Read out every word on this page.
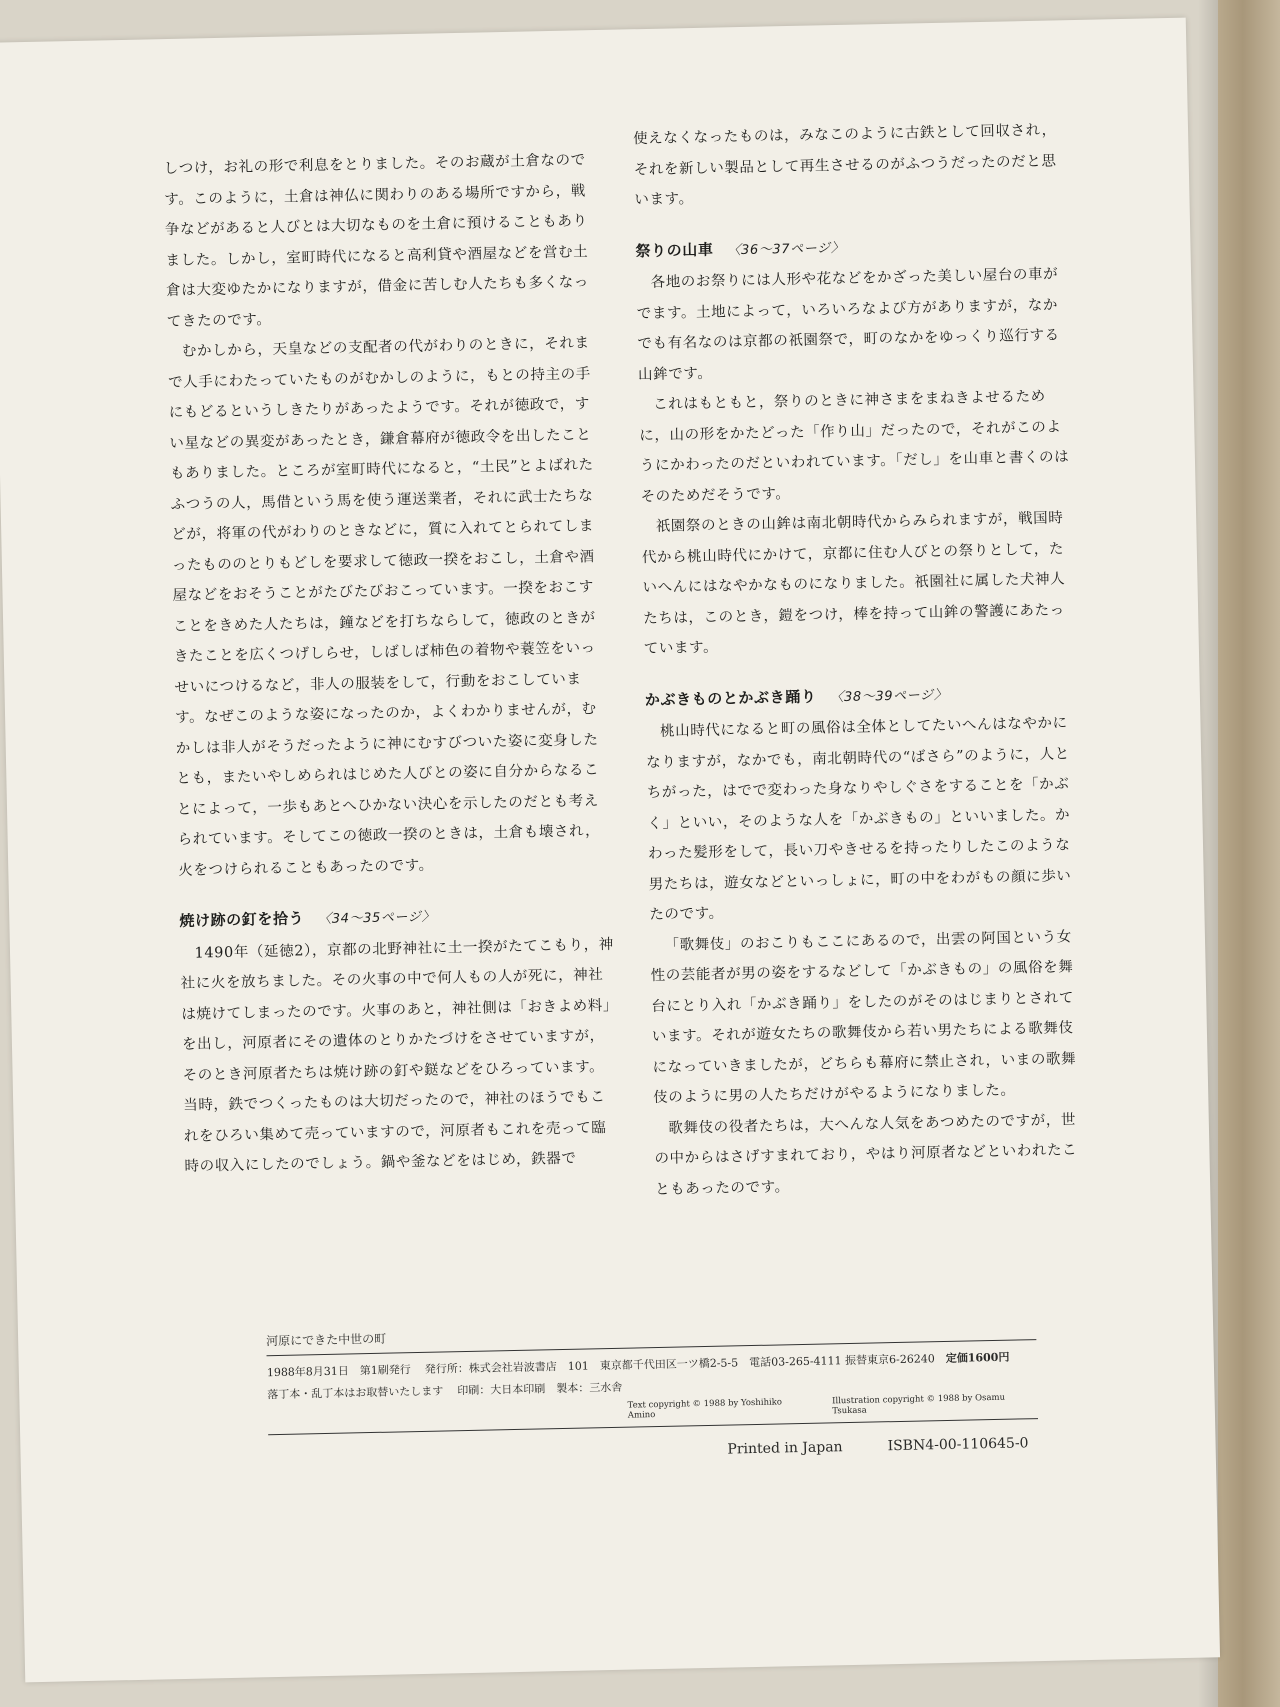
しつけ，お礼の形で利息をとりました。そのお蔵が土倉なのです。このように，土倉は神仏に関わりのある場所ですから，戦争などがあると人びとは大切なものを土倉に預けることもありました。しかし，室町時代になると高利貸や酒屋などを営む土倉は大変ゆたかになりますが，借金に苦しむ人たちも多くなってきたのです。

むかしから，天皇などの支配者の代がわりのときに，それまで人手にわたっていたものがむかしのように，もとの持主の手にもどるというしきたりがあったようです。それが徳政で，すい星などの異変があったとき，鎌倉幕府が徳政令を出したこともありました。ところが室町時代になると，“土民”とよばれたふつうの人，馬借という馬を使う運送業者，それに武士たちなどが，将軍の代がわりのときなどに，質に入れてとられてしまったもののとりもどしを要求して徳政一揆をおこし，土倉や酒屋などをおそうことがたびたびおこっています。一揆をおこすことをきめた人たちは，鐘などを打ちならして，徳政のときがきたことを広くつげしらせ，しばしば柿色の着物や蓑笠をいっせいにつけるなど，非人の服装をして，行動をおこしています。なぜこのような姿になったのか，よくわかりませんが，むかしは非人がそうだったように神にむすびついた姿に変身したとも，またいやしめられはじめた人びとの姿に自分からなることによって，一歩もあとへひかない決心を示したのだとも考えられています。そしてこの徳政一揆のときは，土倉も壊され，火をつけられることもあったのです。

焼け跡の釘を拾う 〈34～35ページ〉

1490年（延徳2），京都の北野神社に土一揆がたてこもり，神社に火を放ちました。その火事の中で何人もの人が死に，神社は焼けてしまったのです。火事のあと，神社側は「おきよめ料」を出し，河原者にその遺体のとりかたづけをさせていますが，そのとき河原者たちは焼け跡の釘や鎹などをひろっています。当時，鉄でつくったものは大切だったので，神社のほうでもこれをひろい集めて売っていますので，河原者もこれを売って臨時の収入にしたのでしょう。鍋や釜などをはじめ，鉄器で

使えなくなったものは，みなこのように古鉄として回収され，それを新しい製品として再生させるのがふつうだったのだと思います。

祭りの山車 〈36～37ページ〉

各地のお祭りには人形や花などをかざった美しい屋台の車がでます。土地によって，いろいろなよび方がありますが，なかでも有名なのは京都の祇園祭で，町のなかをゆっくり巡行する山鉾です。

これはもともと，祭りのときに神さまをまねきよせるために，山の形をかたどった「作り山」だったので，それがこのようにかわったのだといわれています。「だし」を山車と書くのはそのためだそうです。

祇園祭のときの山鉾は南北朝時代からみられますが，戦国時代から桃山時代にかけて，京都に住む人びとの祭りとして，たいへんにはなやかなものになりました。祇園社に属した犬神人たちは，このとき，鎧をつけ，棒を持って山鉾の警護にあたっています。

かぶきものとかぶき踊り 〈38～39ページ〉

桃山時代になると町の風俗は全体としてたいへんはなやかになりますが，なかでも，南北朝時代の“ばさら”のように，人とちがった，はでで変わった身なりやしぐさをすることを「かぶく」といい，そのような人を「かぶきもの」といいました。かわった髪形をして，長い刀やきせるを持ったりしたこのような男たちは，遊女などといっしょに，町の中をわがもの顔に歩いたのです。

「歌舞伎」のおこりもここにあるので，出雲の阿国という女性の芸能者が男の姿をするなどして「かぶきもの」の風俗を舞台にとり入れ「かぶき踊り」をしたのがそのはじまりとされています。それが遊女たちの歌舞伎から若い男たちによる歌舞伎になっていきましたが，どちらも幕府に禁止され，いまの歌舞伎のように男の人たちだけがやるようになりました。

歌舞伎の役者たちは，大へんな人気をあつめたのですが，世の中からはさげすまれており，やはり河原者などといわれたこともあったのです。

河原にできた中世の町
1988年8月31日　第1刷発行 発行所：株式会社岩波書店　101　東京都千代田区一ツ橋2-5-5　電話03-265-4111 振替東京6-26240　 定価1600円
落丁本・乱丁本はお取替いたします 印刷：大日本印刷　製本：三水舎
Text copyright © 1988 by Yoshihiko Amino
Illustration copyright © 1988 by Osamu Tsukasa
Printed in Japan	ISBN4-00-110645-0
